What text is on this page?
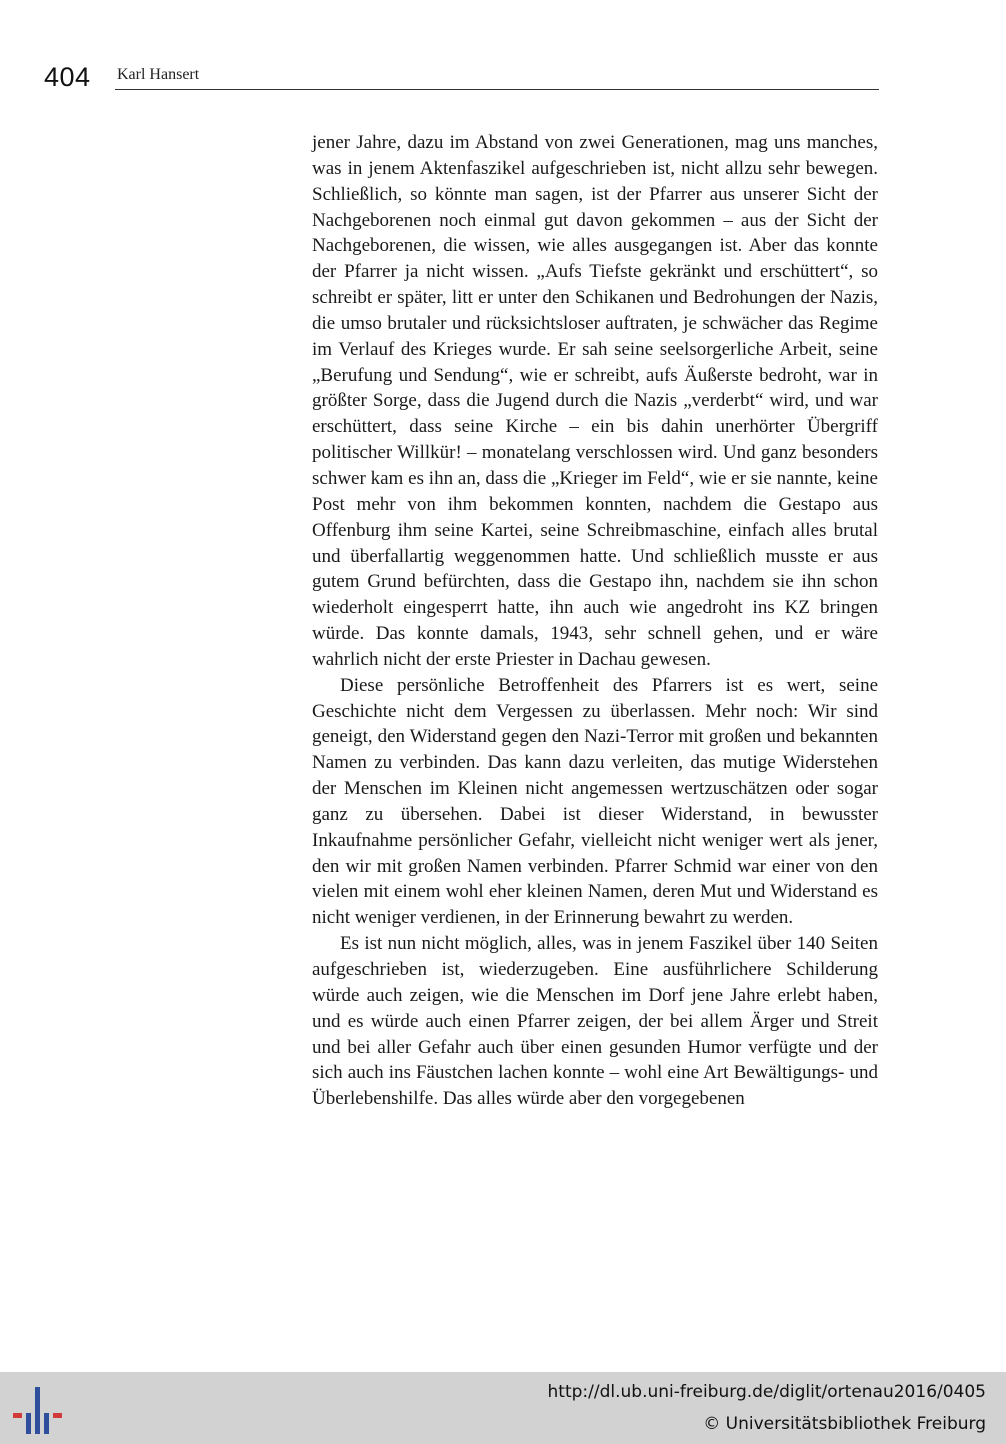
404 Karl Hansert

jener Jahre, dazu im Abstand von zwei Generationen, mag uns manches, was in jenem Aktenfaszikel aufgeschrieben ist, nicht allzu sehr bewegen. Schließlich, so könnte man sagen, ist der Pfarrer aus unserer Sicht der Nachgeborenen noch einmal gut davon gekommen – aus der Sicht der Nachgeborenen, die wissen, wie alles ausgegangen ist. Aber das konnte der Pfarrer ja nicht wissen. „Aufs Tiefste gekränkt und erschüttert“, so schreibt er später, litt er unter den Schikanen und Bedrohungen der Nazis, die umso brutaler und rücksichtsloser auftraten, je schwächer das Regime im Verlauf des Krieges wurde. Er sah seine seelsorgerliche Arbeit, seine „Berufung und Sendung“, wie er schreibt, aufs Äußerste bedroht, war in größter Sorge, dass die Jugend durch die Nazis „verderbt“ wird, und war erschüttert, dass seine Kirche – ein bis dahin unerhörter Übergriff politischer Willkür! – monatelang verschlossen wird. Und ganz besonders schwer kam es ihn an, dass die „Krieger im Feld“, wie er sie nannte, keine Post mehr von ihm bekommen konnten, nachdem die Gestapo aus Offenburg ihm seine Kartei, seine Schreibmaschine, einfach alles brutal und überfallartig weggenommen hatte. Und schließlich musste er aus gutem Grund befürchten, dass die Gestapo ihn, nachdem sie ihn schon wiederholt eingesperrt hatte, ihn auch wie angedroht ins KZ bringen würde. Das konnte damals, 1943, sehr schnell gehen, und er wäre wahrlich nicht der erste Priester in Dachau gewesen.

Diese persönliche Betroffenheit des Pfarrers ist es wert, seine Geschichte nicht dem Vergessen zu überlassen. Mehr noch: Wir sind geneigt, den Widerstand gegen den Nazi-Terror mit großen und bekannten Namen zu verbinden. Das kann dazu verleiten, das mutige Widerstehen der Menschen im Kleinen nicht angemessen wertzuschätzen oder sogar ganz zu übersehen. Dabei ist dieser Widerstand, in bewusster Inkaufnahme persönlicher Gefahr, vielleicht nicht weniger wert als jener, den wir mit großen Namen verbinden. Pfarrer Schmid war einer von den vielen mit einem wohl eher kleinen Namen, deren Mut und Widerstand es nicht weniger verdienen, in der Erinnerung bewahrt zu werden.

Es ist nun nicht möglich, alles, was in jenem Faszikel über 140 Seiten aufgeschrieben ist, wiederzugeben. Eine ausführlichere Schilderung würde auch zeigen, wie die Menschen im Dorf jene Jahre erlebt haben, und es würde auch einen Pfarrer zeigen, der bei allem Ärger und Streit und bei aller Gefahr auch über einen gesunden Humor verfügte und der sich auch ins Fäustchen lachen konnte – wohl eine Art Bewältigungs- und Überlebenshilfe. Das alles würde aber den vorgegebenen

http://dl.ub.uni-freiburg.de/diglit/ortenau2016/0405
© Universitätsbibliothek Freiburg
